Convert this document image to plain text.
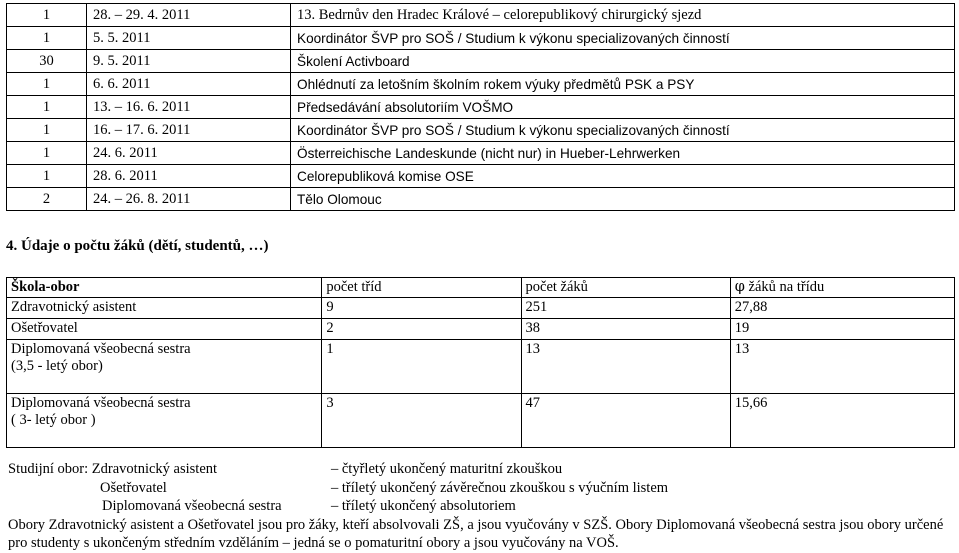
1	28. – 29. 4. 2011	13. Bedrnův den Hradec Králové – celorepublikový chirurgický sjezd
1	5. 5. 2011	Koordinátor ŠVP pro SOŠ / Studium k výkonu specializovaných činností
30	9. 5. 2011	Školení Activboard
1	6. 6. 2011	Ohlédnutí za letošním školním rokem výuky předmětů PSK a PSY
1	13. – 16. 6. 2011	Předsedávání absolutoriím VOŠMO
1	16. – 17. 6. 2011	Koordinátor ŠVP pro SOŠ / Studium k výkonu specializovaných činností
1	24. 6. 2011	Österreichische Landeskunde (nicht nur) in Hueber-Lehrwerken
1	28. 6. 2011	Celorepubliková komise OSE
2	24. – 26. 8. 2011	Tělo Olomouc
4. Údaje o počtu žáků (dětí, studentů, …)
Škola-obor	počet tříd	počet žáků	φ žáků na třídu
Zdravotnický asistent	9	251	27,88
Ošetřovatel	2	38	19

Diplomovaná všeobecná sestra
(3,5 - letý obor)	1	13	13

Diplomovaná všeobecná sestra
( 3- letý obor )	3	47	15,66
Studijní obor: Zdravotnický asistent	– čtyřletý ukončený maturitní zkouškou
Ošetřovatel	– tříletý ukončený závěrečnou zkouškou s výučním listem
Diplomovaná všeobecná sestra	– tříletý ukončený absolutoriem
Obory Zdravotnický asistent a Ošetřovatel jsou pro žáky, kteří absolvovali ZŠ, a jsou vyučovány v SZŠ. Obory Diplomovaná všeobecná sestra jsou obory určené pro studenty s ukončeným středním vzděláním – jedná se o pomaturitní obory a jsou vyučovány na VOŠ.
